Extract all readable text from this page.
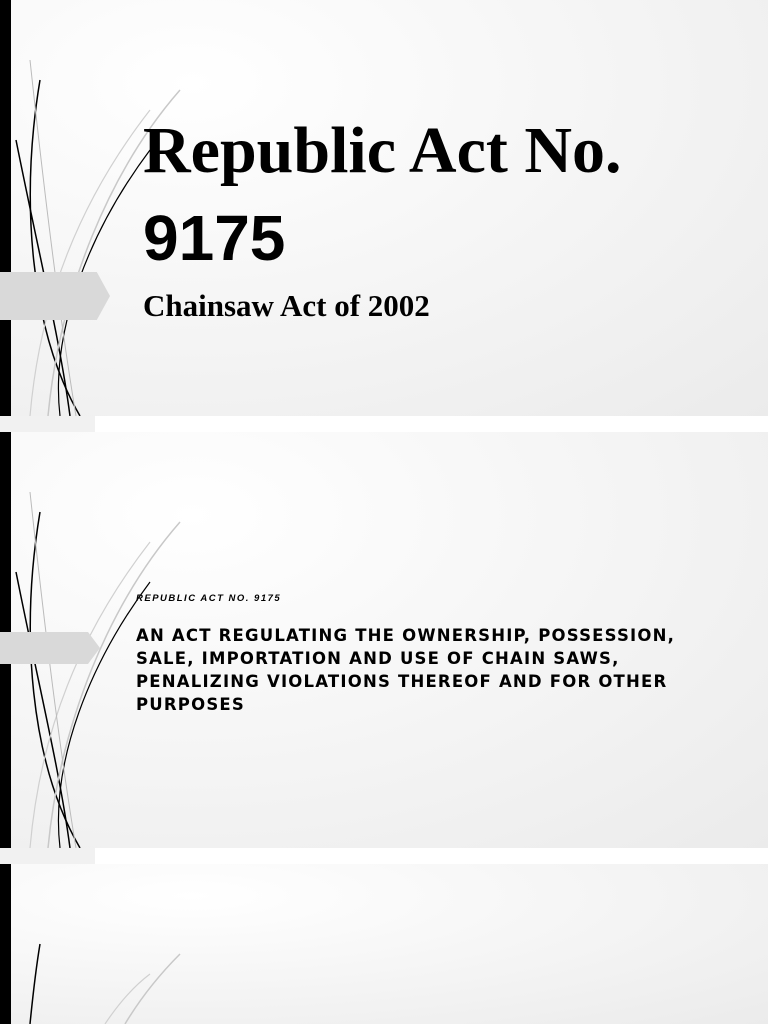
Republic Act No.
9175
Chainsaw Act of 2002

REPUBLIC ACT NO. 9175

AN ACT REGULATING THE OWNERSHIP, POSSESSION, SALE, IMPORTATION AND USE OF CHAIN SAWS, PENALIZING VIOLATIONS THEREOF AND FOR OTHER PURPOSES
